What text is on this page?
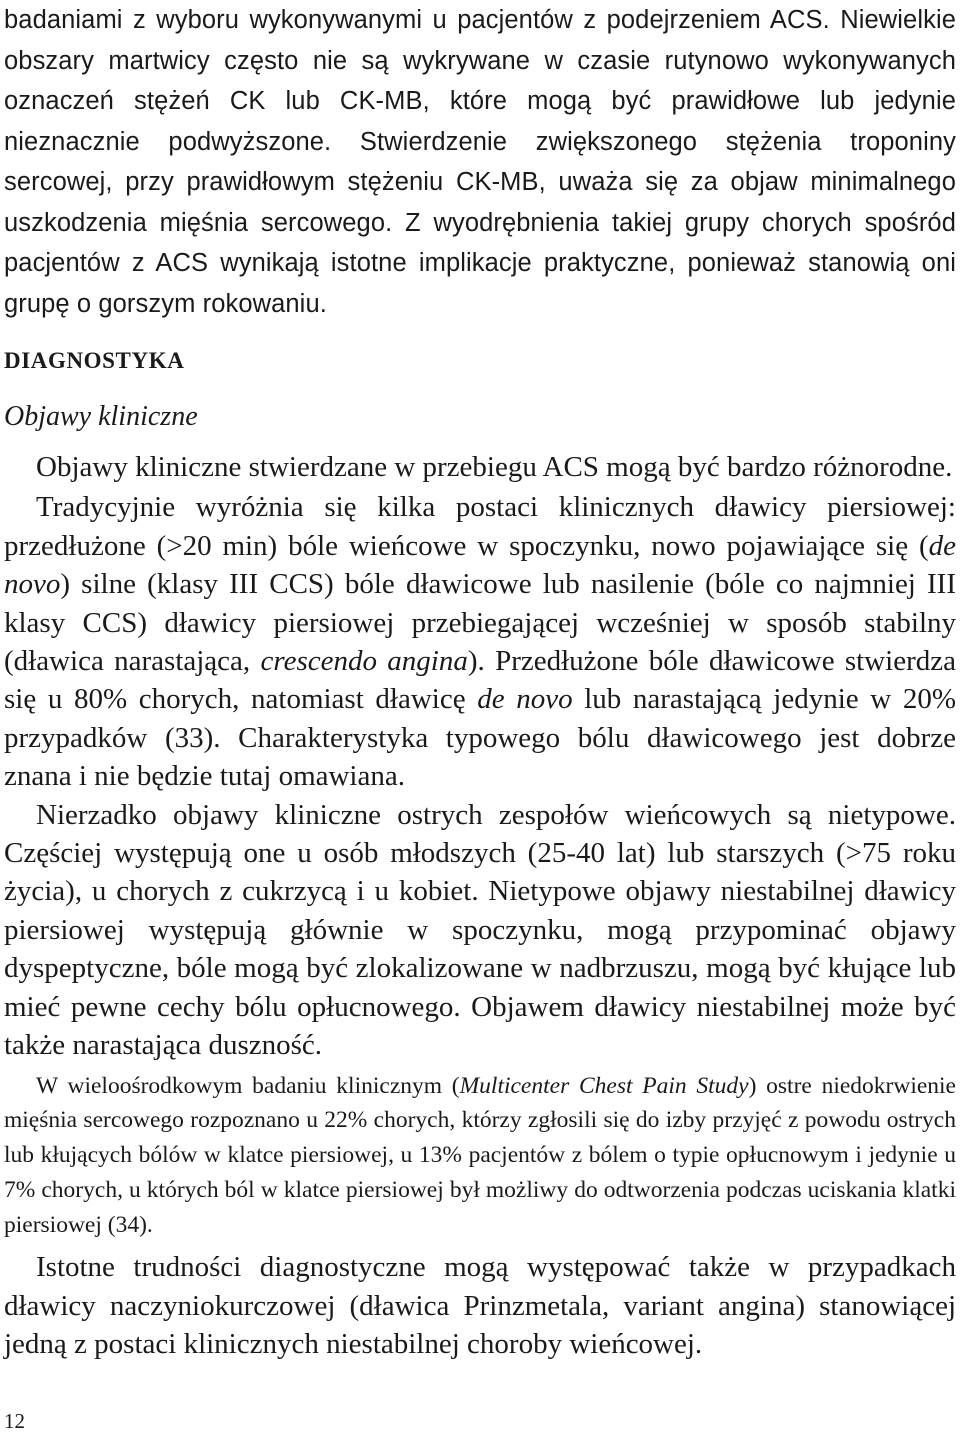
badaniami z wyboru wykonywanymi u pacjentów z podejrzeniem ACS. Niewielkie obszary martwicy często nie są wykrywane w czasie rutynowo wykonywanych oznaczeń stężeń CK lub CK-MB, które mogą być prawidłowe lub jedynie nieznacznie podwyższone. Stwierdzenie zwiększonego stężenia troponiny sercowej, przy prawidłowym stężeniu CK-MB, uważa się za objaw minimalnego uszkodzenia mięśnia sercowego. Z wyodrębnienia takiej grupy chorych spośród pacjentów z ACS wynikają istotne implikacje praktyczne, ponieważ stanowią oni grupę o gorszym rokowaniu.

DIAGNOSTYKA
Objawy kliniczne

Objawy kliniczne stwierdzane w przebiegu ACS mogą być bardzo różnorodne.

Tradycyjnie wyróżnia się kilka postaci klinicznych dławicy piersiowej: przedłużone (>20 min) bóle wieńcowe w spoczynku, nowo pojawiające się (de novo) silne (klasy III CCS) bóle dławicowe lub nasilenie (bóle co najmniej III klasy CCS) dławicy piersiowej przebiegającej wcześniej w sposób stabilny (dławica narastająca, crescendo angina). Przedłużone bóle dławicowe stwierdza się u 80% chorych, natomiast dławicę de novo lub narastającą jedynie w 20% przypadków (33). Charakterystyka typowego bólu dławicowego jest dobrze znana i nie będzie tutaj omawiana.

Nierzadko objawy kliniczne ostrych zespołów wieńcowych są nietypowe. Częściej występują one u osób młodszych (25-40 lat) lub starszych (>75 roku życia), u chorych z cukrzycą i u kobiet. Nietypowe objawy niestabilnej dławicy piersiowej występują głównie w spoczynku, mogą przypominać objawy dyspeptyczne, bóle mogą być zlokalizowane w nadbrzuszu, mogą być kłujące lub mieć pewne cechy bólu opłucnowego. Objawem dławicy niestabilnej może być także narastająca duszność.

W wieloośrodkowym badaniu klinicznym (Multicenter Chest Pain Study) ostre niedokrwienie mięśnia sercowego rozpoznano u 22% chorych, którzy zgłosili się do izby przyjęć z powodu ostrych lub kłujących bólów w klatce piersiowej, u 13% pacjentów z bólem o typie opłucnowym i jedynie u 7% chorych, u których ból w klatce piersiowej był możliwy do odtworzenia podczas uciskania klatki piersiowej (34).

Istotne trudności diagnostyczne mogą występować także w przypadkach dławicy naczyniokurczowej (dławica Prinzmetala, variant angina) stanowiącej jedną z postaci klinicznych niestabilnej choroby wieńcowej.

12
